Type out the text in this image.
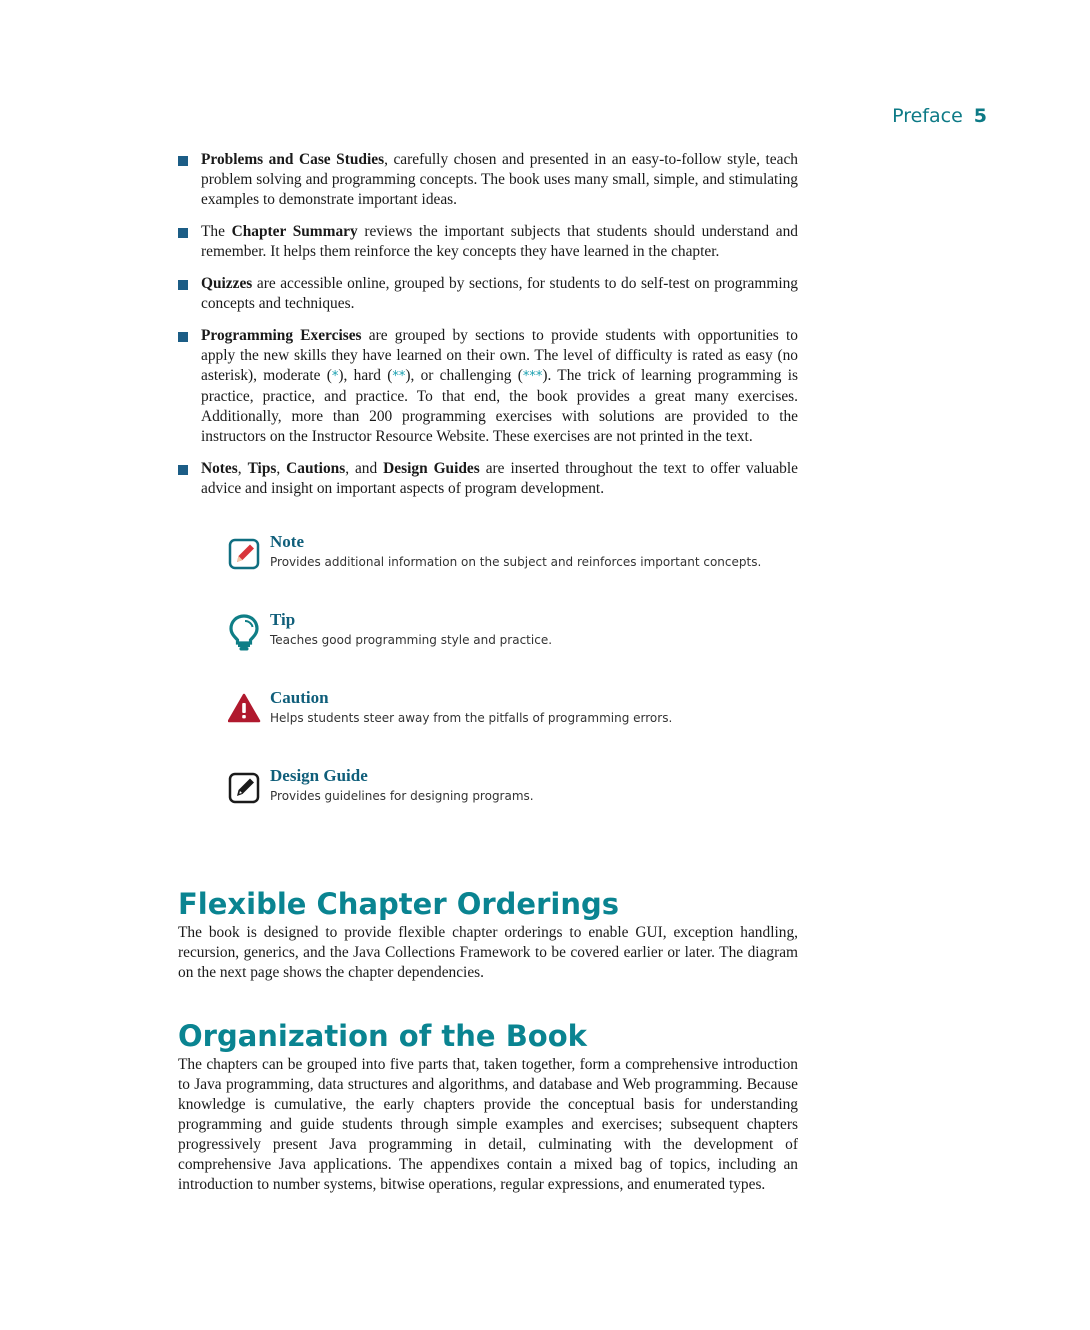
Preface 5
Problems and Case Studies, carefully chosen and presented in an easy-to-follow style, teach problem solving and programming concepts. The book uses many small, simple, and stimulating examples to demonstrate important ideas.
The Chapter Summary reviews the important subjects that students should understand and remember. It helps them reinforce the key concepts they have learned in the chapter.
Quizzes are accessible online, grouped by sections, for students to do self-test on programming concepts and techniques.
Programming Exercises are grouped by sections to provide students with opportunities to apply the new skills they have learned on their own. The level of difficulty is rated as easy (no asterisk), moderate (*), hard (**), or challenging (***). The trick of learning programming is practice, practice, and practice. To that end, the book provides a great many exercises. Additionally, more than 200 programming exercises with solutions are provided to the instructors on the Instructor Resource Website. These exercises are not printed in the text.
Notes, Tips, Cautions, and Design Guides are inserted throughout the text to offer valuable advice and insight on important aspects of program development.
Note
Provides additional information on the subject and reinforces important concepts.
Tip
Teaches good programming style and practice.
Caution
Helps students steer away from the pitfalls of programming errors.
Design Guide
Provides guidelines for designing programs.
Flexible Chapter Orderings

The book is designed to provide flexible chapter orderings to enable GUI, exception handling, recursion, generics, and the Java Collections Framework to be covered earlier or later. The diagram on the next page shows the chapter dependencies.

Organization of the Book

The chapters can be grouped into five parts that, taken together, form a comprehensive introduction to Java programming, data structures and algorithms, and database and Web programming. Because knowledge is cumulative, the early chapters provide the conceptual basis for understanding programming and guide students through simple examples and exercises; subsequent chapters progressively present Java programming in detail, culminating with the development of comprehensive Java applications. The appendixes contain a mixed bag of topics, including an introduction to number systems, bitwise operations, regular expressions, and enumerated types.
